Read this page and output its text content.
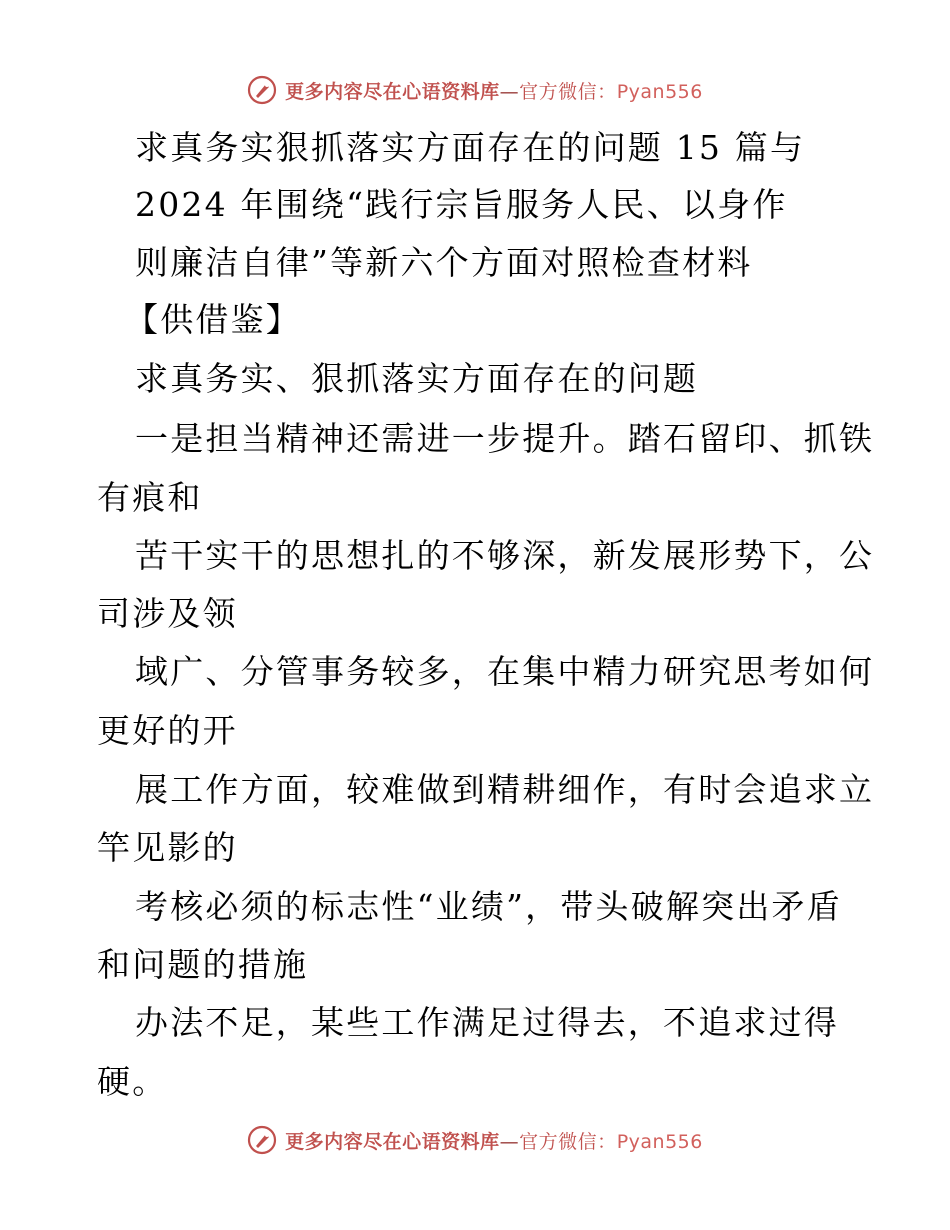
更多内容尽在心语资料库—官方微信：Pyan556
求真务实狠抓落实方面存在的问题 15 篇与
2024 年围绕“践行宗旨服务人民、以身作
则廉洁自律”等新六个方面对照检查材料
【供借鉴】
求真务实、狠抓落实方面存在的问题
一是担当精神还需进一步提升。踏石留印、抓铁
有痕和
苦干实干的思想扎的不够深，新发展形势下，公
司涉及领
域广、分管事务较多，在集中精力研究思考如何
更好的开
展工作方面，较难做到精耕细作，有时会追求立
竿见影的
考核必须的标志性“业绩”，带头破解突出矛盾
和问题的措施
办法不足，某些工作满足过得去，不追求过得
硬。
更多内容尽在心语资料库—官方微信：Pyan556
